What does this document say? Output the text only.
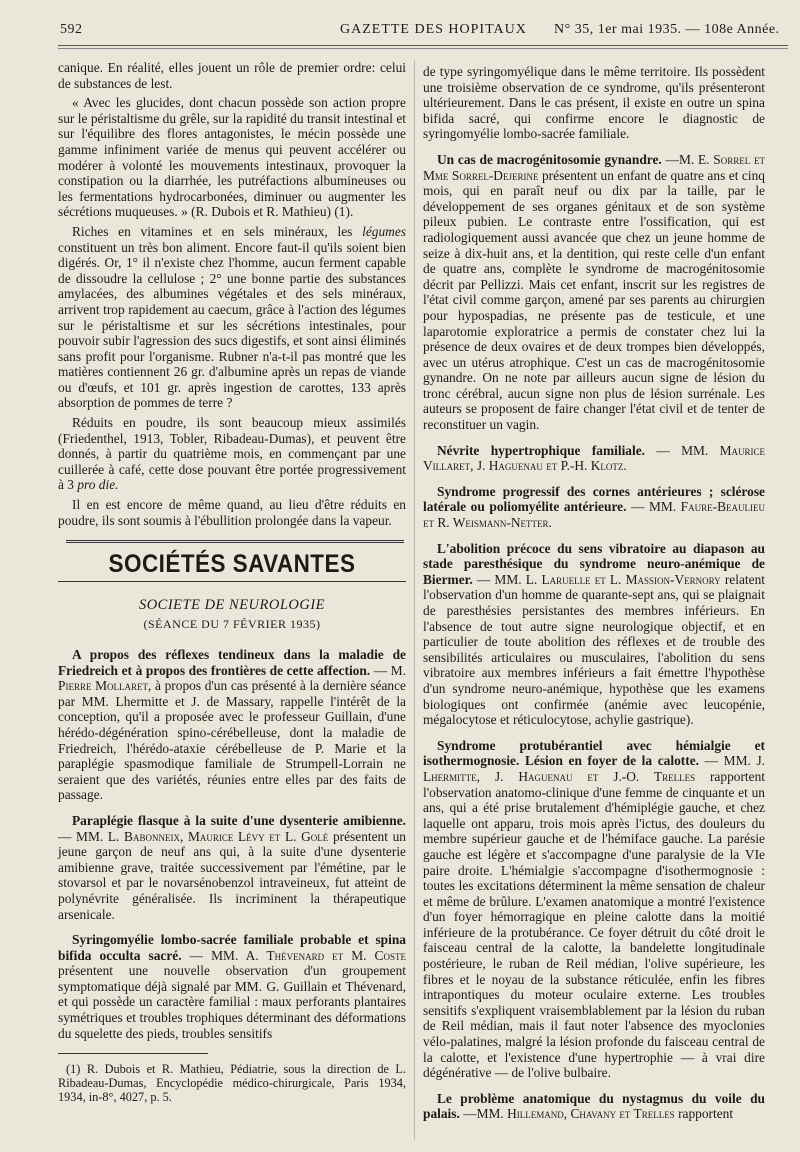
592	GAZETTE DES HOPITAUX N° 35, 1er mai 1935. — 108e Année.

canique. En réalité, elles jouent un rôle de premier ordre: celui de substances de lest.

« Avec les glucides, dont chacun possède son action propre sur le péristaltisme du grêle, sur la rapidité du transit intestinal et sur l'équilibre des flores antagonistes, le mécin possède une gamme infiniment variée de menus qui peuvent accélérer ou modérer à volonté les mouvements intestinaux, provoquer la constipation ou la diarrhée, les putréfactions albumineuses ou les fermentations hydrocarbonées, diminuer ou augmenter les sécrétions muqueuses. » (R. Dubois et R. Mathieu) (1).

Riches en vitamines et en sels minéraux, les légumes constituent un très bon aliment. Encore faut-il qu'ils soient bien digérés. Or, 1° il n'existe chez l'homme, aucun ferment capable de dissoudre la cellulose ; 2° une bonne partie des substances amylacées, des albumines végétales et des sels minéraux, arrivent trop rapidement au caecum, grâce à l'action des légumes sur le péristaltisme et sur les sécrétions intestinales, pour pouvoir subir l'agression des sucs digestifs, et sont ainsi éliminés sans profit pour l'organisme. Rubner n'a-t-il pas montré que les matières contiennent 26 gr. d'albumine après un repas de viande ou d'œufs, et 101 gr. après ingestion de carottes, 133 après absorption de pommes de terre ?

Réduits en poudre, ils sont beaucoup mieux assimilés (Friedenthel, 1913, Tobler, Ribadeau-Dumas), et peuvent être donnés, à partir du quatrième mois, en commençant par une cuillerée à café, cette dose pouvant être portée progressivement à 3 pro die.

Il en est encore de même quand, au lieu d'être réduits en poudre, ils sont soumis à l'ébullition prolongée dans la vapeur.

SOCIÉTÉS SAVANTES
SOCIETE DE NEUROLOGIE
(SÉANCE DU 7 FÉVRIER 1935)

A propos des réflexes tendineux dans la maladie de Friedreich et à propos des frontières de cette affection. — M. Pierre Mollaret, à propos d'un cas présenté à la dernière séance par MM. Lhermitte et J. de Massary, rappelle l'intérêt de la conception, qu'il a proposée avec le professeur Guillain, d'une hérédo-dégénération spino-cérébelleuse, dont la maladie de Friedreich, l'hérédo-ataxie cérébelleuse de P. Marie et la paraplégie spasmodique familiale de Strumpell-Lorrain ne seraient que des variétés, réunies entre elles par des faits de passage.

Paraplégie flasque à la suite d'une dysenterie amibienne. — MM. L. Babonneix, Maurice Lévy et L. Golé présentent un jeune garçon de neuf ans qui, à la suite d'une dysenterie amibienne grave, traitée successivement par l'émétine, par le stovarsol et par le novarsénobenzol intraveineux, fut atteint de polynévrite généralisée. Ils incriminent la thérapeutique arsenicale.

Syringomyélie lombo-sacrée familiale probable et spina bifida occulta sacré. — MM. A. Thévenard et M. Coste présentent une nouvelle observation d'un groupement symptomatique déjà signalé par MM. G. Guillain et Thévenard, et qui possède un caractère familial : maux perforants plantaires symétriques et troubles trophiques déterminant des déformations du squelette des pieds, troubles sensitifs

(1) R. Dubois et R. Mathieu, Pédiatrie, sous la direction de L. Ribadeau-Dumas, Encyclopédie médico-chirurgicale, Paris 1934, 1934, in-8°, 4027, p. 5.

de type syringomyélique dans le même territoire. Ils possèdent une troisième observation de ce syndrome, qu'ils présenteront ultérieurement. Dans le cas présent, il existe en outre un spina bifida sacré, qui confirme encore le diagnostic de syringomyélie lombo-sacrée familiale.

Un cas de macrogénitosomie gynandre. —M. E. Sorrel et Mme Sorrel-Dejerine présentent un enfant de quatre ans et cinq mois, qui en paraît neuf ou dix par la taille, par le développement de ses organes génitaux et de son système pileux pubien. Le contraste entre l'ossification, qui est radiologiquement aussi avancée que chez un jeune homme de seize à dix-huit ans, et la dentition, qui reste celle d'un enfant de quatre ans, complète le syndrome de macrogénitosomie décrit par Pellizzi. Mais cet enfant, inscrit sur les registres de l'état civil comme garçon, amené par ses parents au chirurgien pour hypospadias, ne présente pas de testicule, et une laparotomie exploratrice a permis de constater chez lui la présence de deux ovaires et de deux trompes bien développés, avec un utérus atrophique. C'est un cas de macrogénitosomie gynandre. On ne note par ailleurs aucun signe de lésion du tronc cérébral, aucun signe non plus de lésion surrénale. Les auteurs se proposent de faire changer l'état civil et de tenter de reconstituer un vagin.

Névrite hypertrophique familiale. — MM. Maurice Villaret, J. Haguenau et P.-H. Klotz.

Syndrome progressif des cornes antérieures ; sclérose latérale ou poliomyélite antérieure. — MM. Faure-Beaulieu et R. Weismann-Netter.

L'abolition précoce du sens vibratoire au diapason au stade paresthésique du syndrome neuro-anémique de Biermer. — MM. L. Laruelle et L. Massion-Vernory relatent l'observation d'un homme de quarante-sept ans, qui se plaignait de paresthésies persistantes des membres inférieurs. En l'absence de tout autre signe neurologique objectif, et en particulier de toute abolition des réflexes et de trouble des sensibilités articulaires ou musculaires, l'abolition du sens vibratoire aux membres inférieurs a fait émettre l'hypothèse d'un syndrome neuro-anémique, hypothèse que les examens biologiques ont confirmée (anémie avec leucopénie, mégalocytose et réticulocytose, achylie gastrique).

Syndrome protubérantiel avec hémialgie et isothermognosie. Lésion en foyer de la calotte. — MM. J. Lhermitte, J. Haguenau et J.-O. Trelles rapportent l'observation anatomo-clinique d'une femme de cinquante et un ans, qui a été prise brutalement d'hémiplégie gauche, et chez laquelle ont apparu, trois mois après l'ictus, des douleurs du membre supérieur gauche et de l'hémiface gauche. La parésie gauche est légère et s'accompagne d'une paralysie de la VIe paire droite. L'hémialgie s'accompagne d'isothermognosie : toutes les excitations déterminent la même sensation de chaleur et même de brûlure. L'examen anatomique a montré l'existence d'un foyer hémorragique en pleine calotte dans la moitié inférieure de la protubérance. Ce foyer détruit du côté droit le faisceau central de la calotte, la bandelette longitudinale postérieure, le ruban de Reil médian, l'olive supérieure, les fibres et le noyau de la substance réticulée, enfin les fibres intrapontiques du moteur oculaire externe. Les troubles sensitifs s'expliquent vraisemblablement par la lésion du ruban de Reil médian, mais il faut noter l'absence des myoclonies vélo-palatines, malgré la lésion profonde du faisceau central de la calotte, et l'existence d'une hypertrophie — à vrai dire dégénérative — de l'olive bulbaire.

Le problème anatomique du nystagmus du voile du palais. —MM. Hillemand, Chavany et Trelles rapportent
